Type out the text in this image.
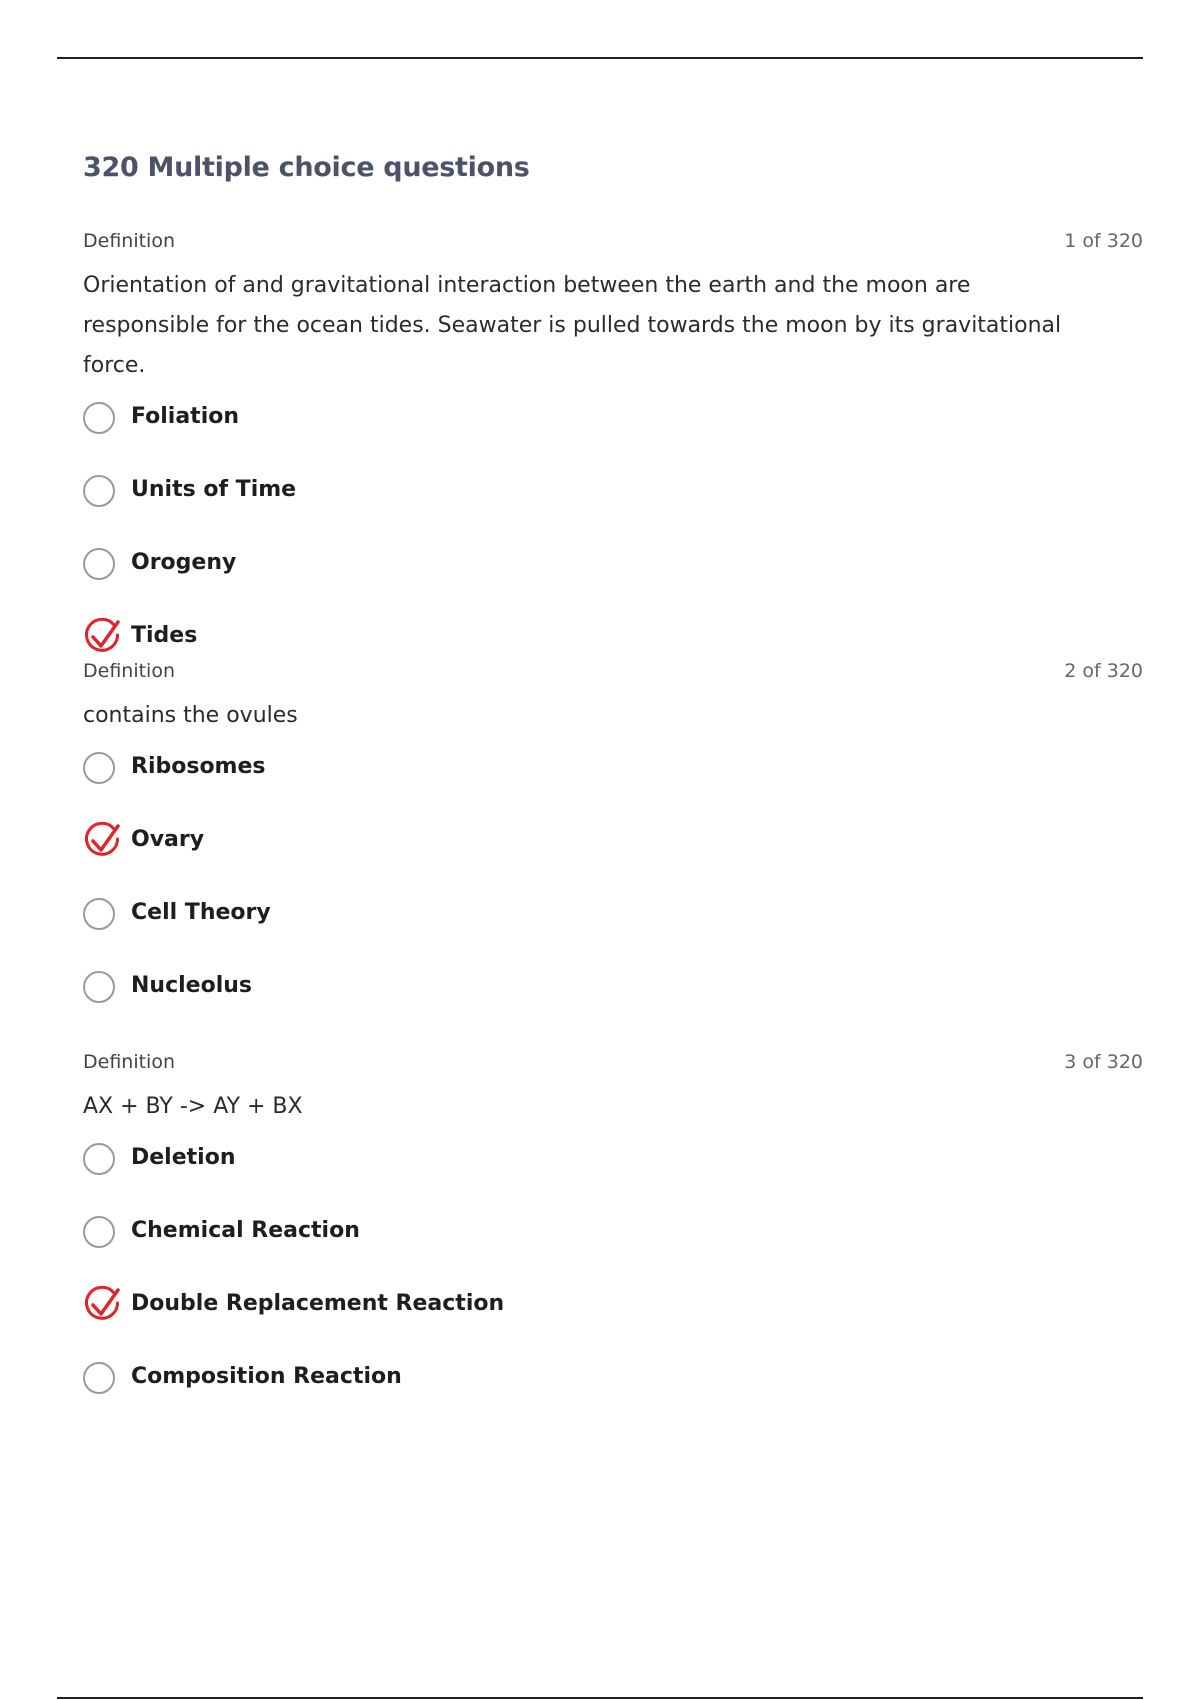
320 Multiple choice questions
Definition	1 of 320
Orientation of and gravitational interaction between the earth and the moon are responsible for the ocean tides. Seawater is pulled towards the moon by its gravitational force.
Foliation
Units of Time
Orogeny
Tides
Definition	2 of 320
contains the ovules
Ribosomes
Ovary
Cell Theory
Nucleolus
Definition	3 of 320
AX + BY -> AY + BX
Deletion
Chemical Reaction
Double Replacement Reaction
Composition Reaction
